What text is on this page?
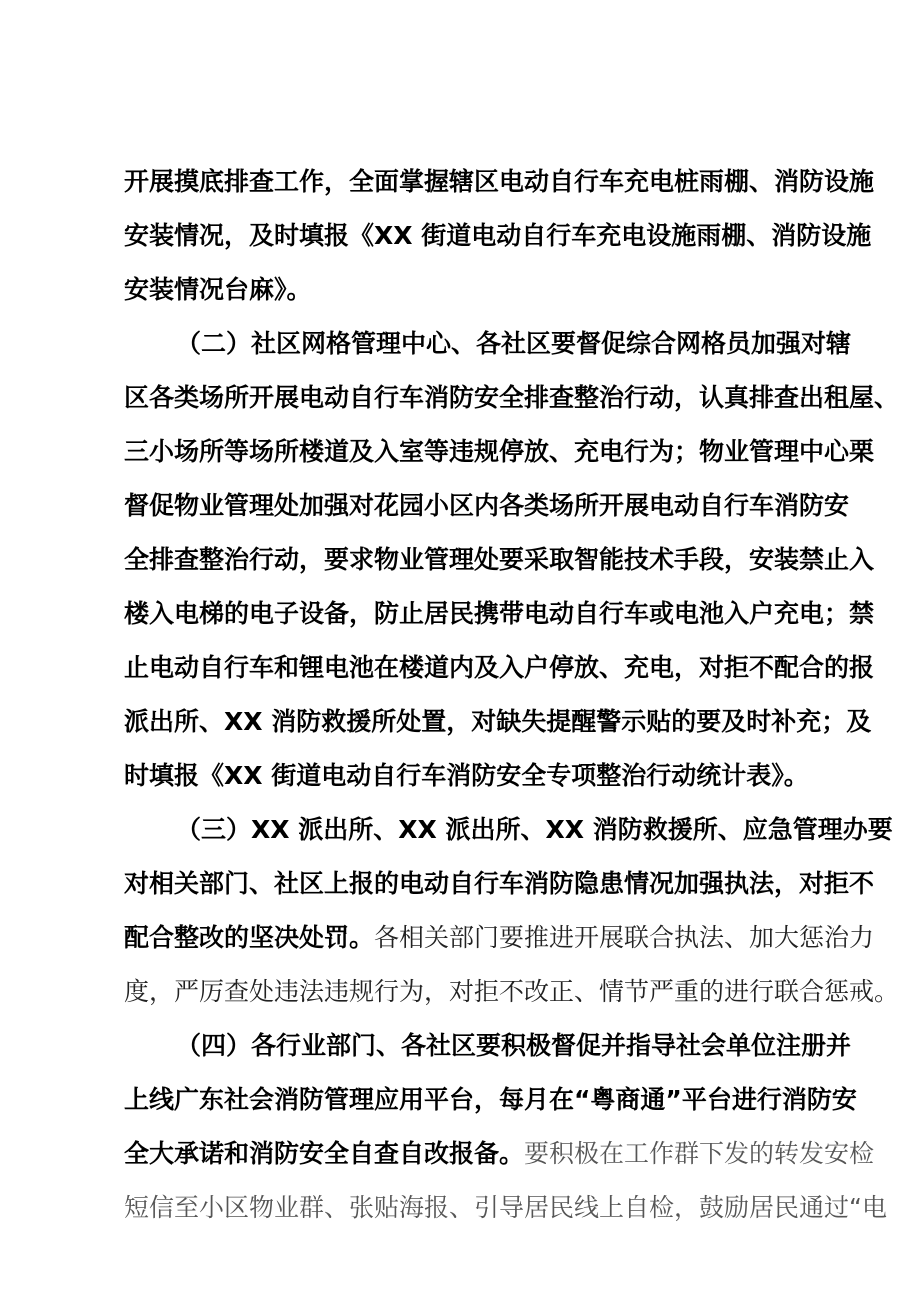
开展摸底排查工作，全面掌握辖区电动自行车充电桩雨棚、消防设施
安装情况，及时填报《XX 街道电动自行车充电设施雨棚、消防设施
安装情况台麻》。
（二）社区网格管理中心、各社区要督促综合网格员加强对辖
区各类场所开展电动自行车消防安全排查整治行动，认真排查出租屋、
三小场所等场所楼道及入室等违规停放、充电行为；物业管理中心栗
督促物业管理处加强对花园小区内各类场所开展电动自行车消防安
全排查整治行动，要求物业管理处要采取智能技术手段，安装禁止入
楼入电梯的电子设备，防止居民携带电动自行车或电池入户充电；禁
止电动自行车和锂电池在楼道内及入户停放、充电，对拒不配合的报
派出所、XX 消防救援所处置，对缺失提醒警示贴的要及时补充；及
时填报《XX 街道电动自行车消防安全专项整治行动统计表》。
（三）XX 派出所、XX 派出所、XX 消防救援所、应急管理办要
对相关部门、社区上报的电动自行车消防隐患情况加强执法，对拒不
配合整改的坚决处罚。各相关部门要推进开展联合执法、加大惩治力
度，严厉查处违法违规行为，对拒不改正、情节严重的进行联合惩戒。
（四）各行业部门、各社区要积极督促并指导社会单位注册并
上线广东社会消防管理应用平台，每月在“粤商通”平台进行消防安
全大承诺和消防安全自查自改报备。要积极在工作群下发的转发安检
短信至小区物业群、张贴海报、引导居民线上自检，鼓励居民通过“电
